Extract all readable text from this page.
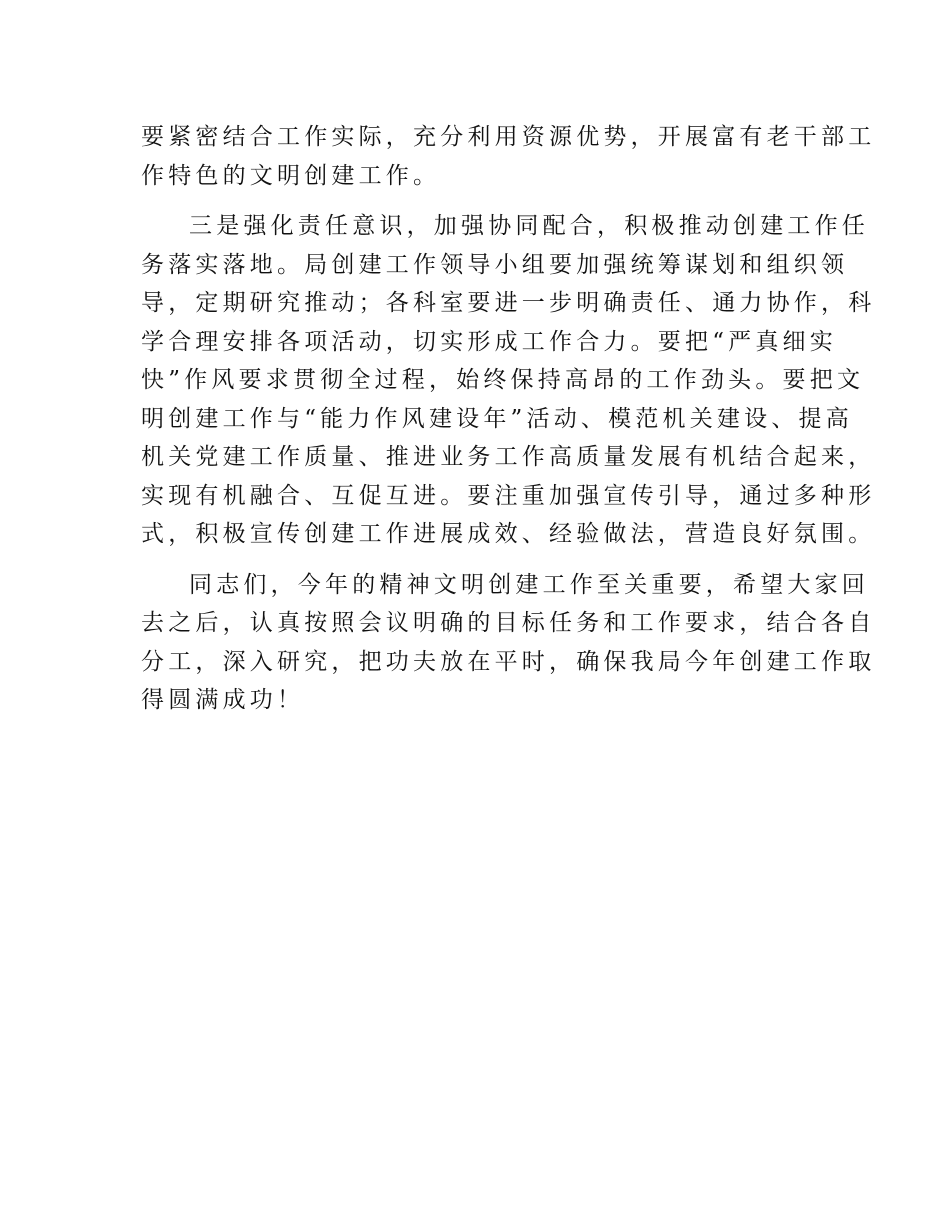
要紧密结合工作实际，充分利用资源优势，开展富有老干部工
作特色的文明创建工作。

三是强化责任意识，加强协同配合，积极推动创建工作任
务落实落地。局创建工作领导小组要加强统筹谋划和组织领
导，定期研究推动；各科室要进一步明确责任、通力协作，科
学合理安排各项活动，切实形成工作合力。要把“严真细实
快”作风要求贯彻全过程，始终保持高昂的工作劲头。要把文
明创建工作与“能力作风建设年”活动、模范机关建设、提高
机关党建工作质量、推进业务工作高质量发展有机结合起来，
实现有机融合、互促互进。要注重加强宣传引导，通过多种形
式，积极宣传创建工作进展成效、经验做法，营造良好氛围。

同志们，今年的精神文明创建工作至关重要，希望大家回
去之后，认真按照会议明确的目标任务和工作要求，结合各自
分工，深入研究，把功夫放在平时，确保我局今年创建工作取
得圆满成功！
